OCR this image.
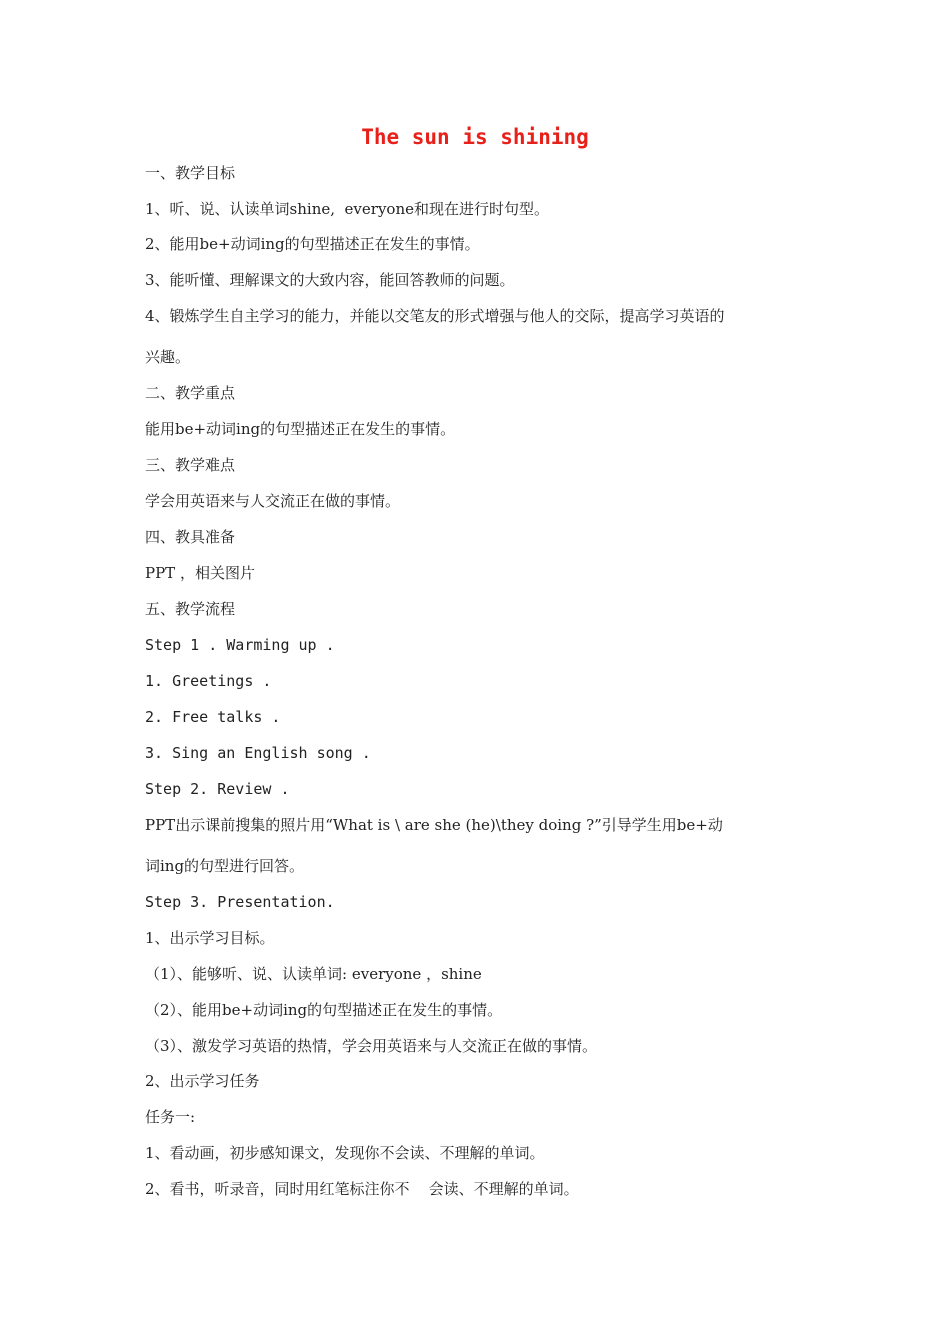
The sun is shining

一、教学目标

1、听、说、认读单词shine,  everyone和现在进行时句型。

2、能用be+动词ing的句型描述正在发生的事情。

3、能听懂、理解课文的大致内容，能回答教师的问题。

4、锻炼学生自主学习的能力，并能以交笔友的形式增强与他人的交际，提高学习英语的

兴趣。

二、教学重点

能用be+动词ing的句型描述正在发生的事情。

三、教学难点

学会用英语来与人交流正在做的事情。

四、教具准备

PPT ，相关图片

五、教学流程

Step 1 . Warming up .

1. Greetings .

2. Free talks .

3. Sing an English song .

Step 2. Review .

PPT出示课前搜集的照片用“What is \ are she (he)\they doing ?”引导学生用be+动

词ing的句型进行回答。

Step 3. Presentation.

1、出示学习目标。

（1）、能够听、说、认读单词: everyone ，shine

（2）、能用be+动词ing的句型描述正在发生的事情。

（3）、激发学习英语的热情，学会用英语来与人交流正在做的事情。

2、出示学习任务

任务一:

1、看动画，初步感知课文，发现你不会读、不理解的单词。

2、看书，听录音，同时用红笔标注你不    会读、不理解的单词。
